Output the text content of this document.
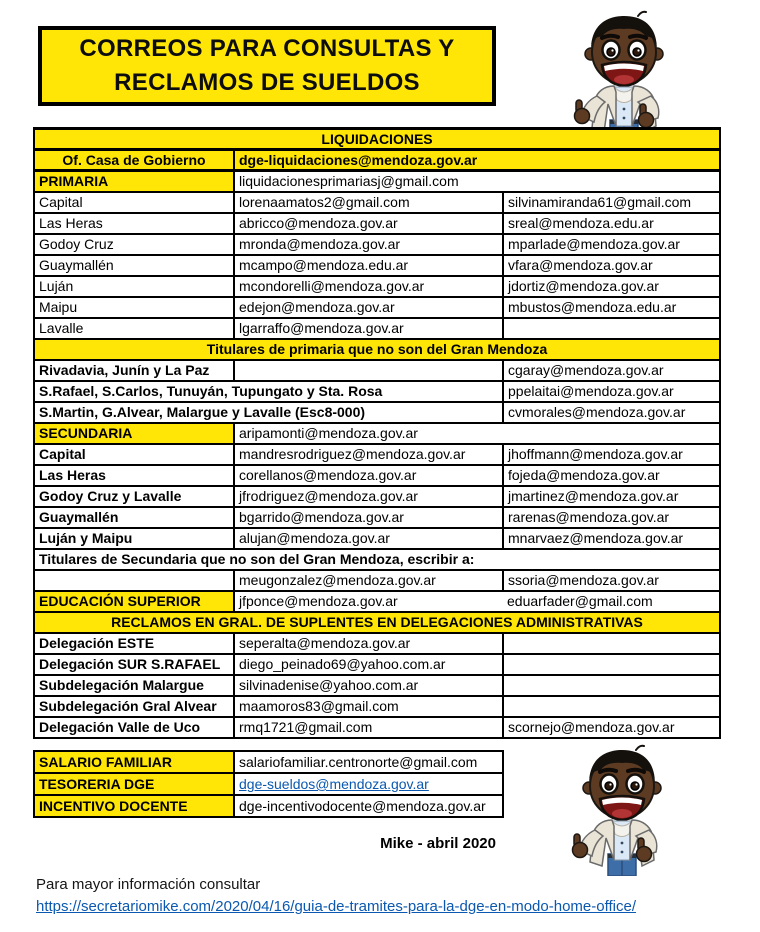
CORREOS PARA CONSULTAS Y
RECLAMOS DE SUELDOS
LIQUIDACIONES		
Of. Casa de Gobierno	dge-liquidaciones@mendoza.gov.ar	
PRIMARIA	liquidacionesprimariasj@gmail.com	
Capital	lorenaamatos2@gmail.com	silvinamiranda61@gmail.com
Las Heras	abricco@mendoza.gov.ar	sreal@mendoza.edu.ar
Godoy Cruz	mronda@mendoza.gov.ar	mparlade@mendoza.gov.ar
Guaymallén	mcampo@mendoza.edu.ar	vfara@mendoza.gov.ar
Luján	mcondorelli@mendoza.gov.ar	jdortiz@mendoza.gov.ar
Maipu	edejon@mendoza.gov.ar	mbustos@mendoza.edu.ar
Lavalle	lgarraffo@mendoza.gov.ar	
Titulares de primaria que no son del Gran Mendoza		
Rivadavia, Junín y La Paz		cgaray@mendoza.gov.ar
S.Rafael, S.Carlos, Tunuyán, Tupungato y Sta. Rosa		ppelaitai@mendoza.gov.ar
S.Martin, G.Alvear, Malargue y Lavalle (Esc8-000)		cvmorales@mendoza.gov.ar
SECUNDARIA	aripamonti@mendoza.gov.ar	
Capital	mandresrodriguez@mendoza.gov.ar	jhoffmann@mendoza.gov.ar
Las Heras	corellanos@mendoza.gov.ar	fojeda@mendoza.gov.ar
Godoy Cruz y Lavalle	jfrodriguez@mendoza.gov.ar	jmartinez@mendoza.gov.ar
Guaymallén	bgarrido@mendoza.gov.ar	rarenas@mendoza.gov.ar
Luján y Maipu	alujan@mendoza.gov.ar	mnarvaez@mendoza.gov.ar
Titulares de Secundaria que no son del Gran Mendoza, escribir a:		
	meugonzalez@mendoza.gov.ar	ssoria@mendoza.gov.ar
EDUCACIÓN SUPERIOR	jfponce@mendoza.gov.ar	eduarfader@gmail.com
RECLAMOS EN GRAL. DE SUPLENTES EN DELEGACIONES ADMINISTRATIVAS		
Delegación ESTE	seperalta@mendoza.gov.ar	
Delegación SUR S.RAFAEL	diego_peinado69@yahoo.com.ar	
Subdelegación Malargue	silvinadenise@yahoo.com.ar	
Subdelegación Gral Alvear	maamoros83@gmail.com	
Delegación Valle de Uco	rmq1721@gmail.com	scornejo@mendoza.gov.ar
SALARIO FAMILIAR	salariofamiliar.centronorte@gmail.com
TESORERIA DGE	dge-sueldos@mendoza.gov.ar
INCENTIVO DOCENTE	dge-incentivodocente@mendoza.gov.ar
Mike - abril 2020
Para mayor información consultar
https://secretariomike.com/2020/04/16/guia-de-tramites-para-la-dge-en-modo-home-office/
